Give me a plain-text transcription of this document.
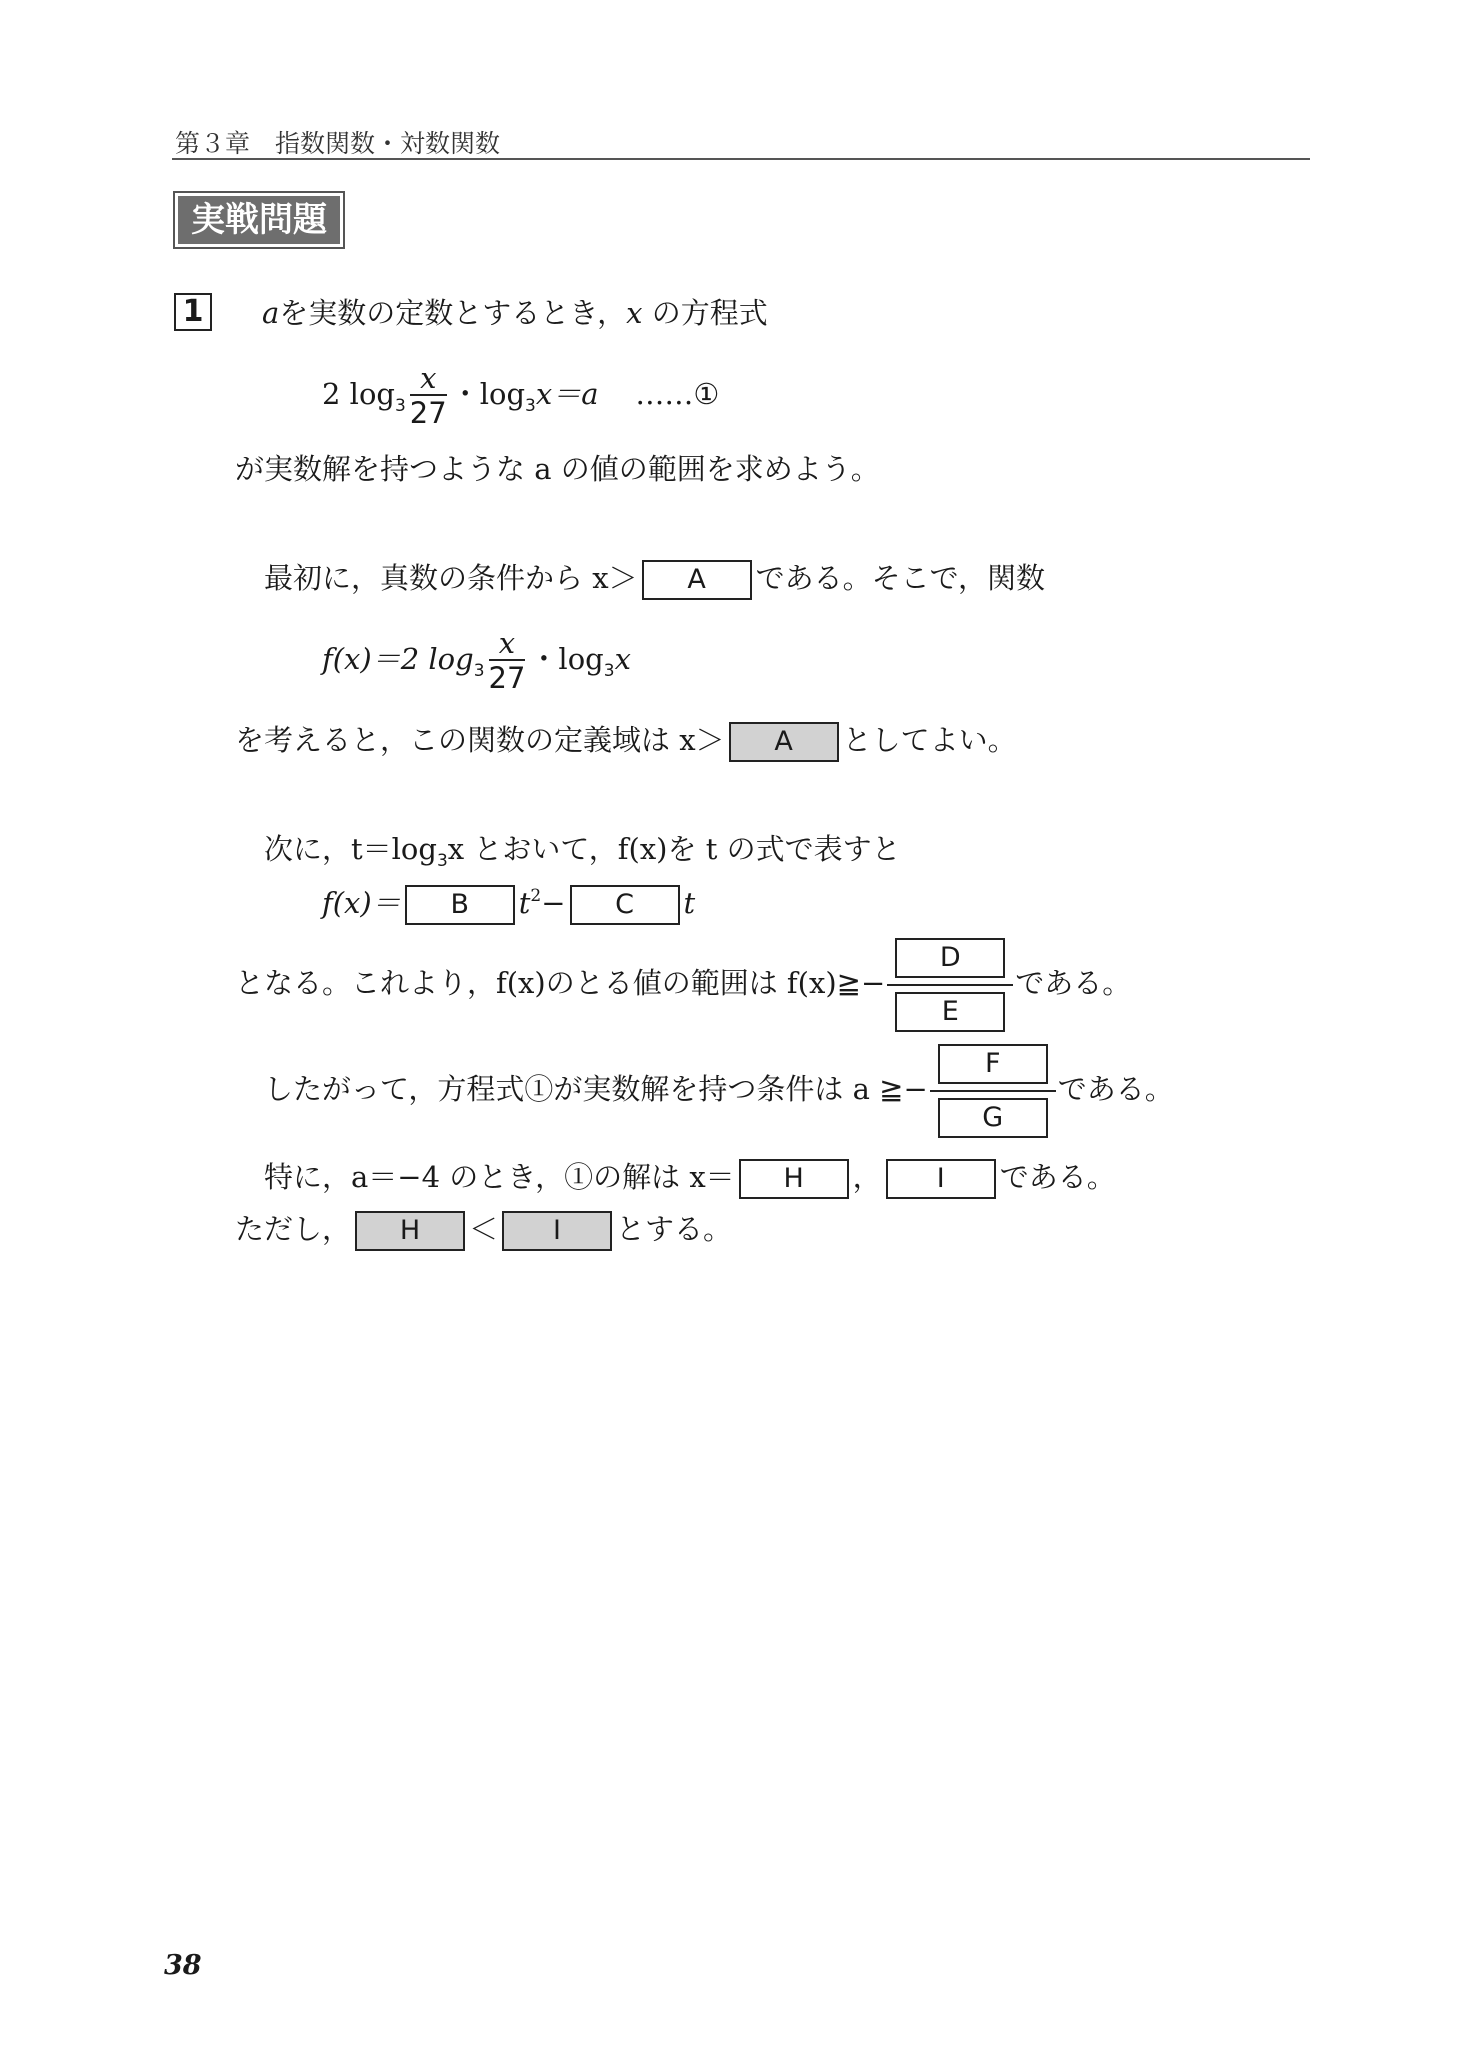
第３章　指数関数・対数関数
実戦問題
1 aを実数の定数とするとき，x の方程式
2 $\log_3 \frac{x}{27}$ ・$\log_3x=a$ ……①
が実数解を持つような a の値の範囲を求めよう。
最初に，真数の条件から x＞ A である。そこで，関数
f(x)＝2 $\log_3 \frac{x}{27}$ ・$\log_3x$
を考えると，この関数の定義域は x＞ A としてよい。
次に，$t=\log_3x$ とおいて，f(x)を t の式で表すと
f(x)＝ B $t^2- C$ t
となる。これより，f(x)のとる値の範囲は f(x)≧− $\frac{D}{E}$ である。
したがって，方程式①が実数解を持つ条件は a ≧− $\frac{F}{G}$ である。
特に，a＝−4 のとき，①の解は x＝ H ， I である。
ただし， H ＜ I とする。
38
